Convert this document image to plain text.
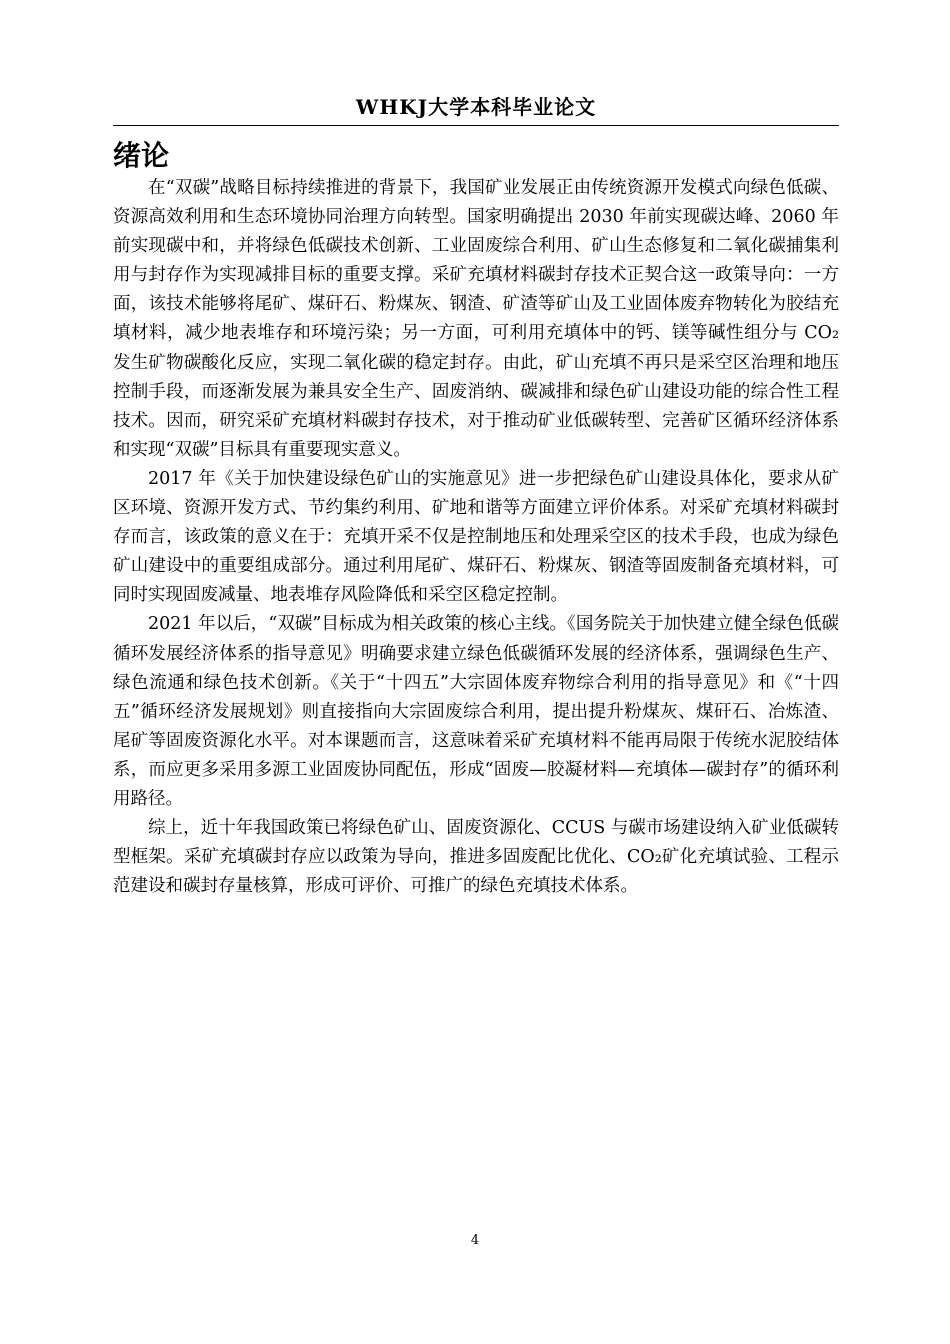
WHKJ大学本科毕业论文
绪论

在“双碳”战略目标持续推进的背景下，我国矿业发展正由传统资源开发模式向绿色低碳、资源高效利用和生态环境协同治理方向转型。国家明确提出 2030 年前实现碳达峰、2060 年前实现碳中和，并将绿色低碳技术创新、工业固废综合利用、矿山生态修复和二氧化碳捕集利用与封存作为实现减排目标的重要支撑。采矿充填材料碳封存技术正契合这一政策导向：一方面，该技术能够将尾矿、煤矸石、粉煤灰、钢渣、矿渣等矿山及工业固体废弃物转化为胶结充填材料，减少地表堆存和环境污染；另一方面，可利用充填体中的钙、镁等碱性组分与 CO₂ 发生矿物碳酸化反应，实现二氧化碳的稳定封存。由此，矿山充填不再只是采空区治理和地压控制手段，而逐渐发展为兼具安全生产、固废消纳、碳减排和绿色矿山建设功能的综合性工程技术。因而，研究采矿充填材料碳封存技术，对于推动矿业低碳转型、完善矿区循环经济体系和实现“双碳”目标具有重要现实意义。

2017 年《关于加快建设绿色矿山的实施意见》进一步把绿色矿山建设具体化，要求从矿区环境、资源开发方式、节约集约利用、矿地和谐等方面建立评价体系。对采矿充填材料碳封存而言，该政策的意义在于：充填开采不仅是控制地压和处理采空区的技术手段，也成为绿色矿山建设中的重要组成部分。通过利用尾矿、煤矸石、粉煤灰、钢渣等固废制备充填材料，可同时实现固废减量、地表堆存风险降低和采空区稳定控制。

2021 年以后，“双碳”目标成为相关政策的核心主线。《国务院关于加快建立健全绿色低碳循环发展经济体系的指导意见》明确要求建立绿色低碳循环发展的经济体系，强调绿色生产、绿色流通和绿色技术创新。《关于“十四五”大宗固体废弃物综合利用的指导意见》和《“十四五”循环经济发展规划》则直接指向大宗固废综合利用，提出提升粉煤灰、煤矸石、冶炼渣、尾矿等固废资源化水平。对本课题而言，这意味着采矿充填材料不能再局限于传统水泥胶结体系，而应更多采用多源工业固废协同配伍，形成“固废—胶凝材料—充填体—碳封存”的循环利用路径。

综上，近十年我国政策已将绿色矿山、固废资源化、CCUS 与碳市场建设纳入矿业低碳转型框架。采矿充填碳封存应以政策为导向，推进多固废配比优化、CO₂矿化充填试验、工程示范建设和碳封存量核算，形成可评价、可推广的绿色充填技术体系。

4
